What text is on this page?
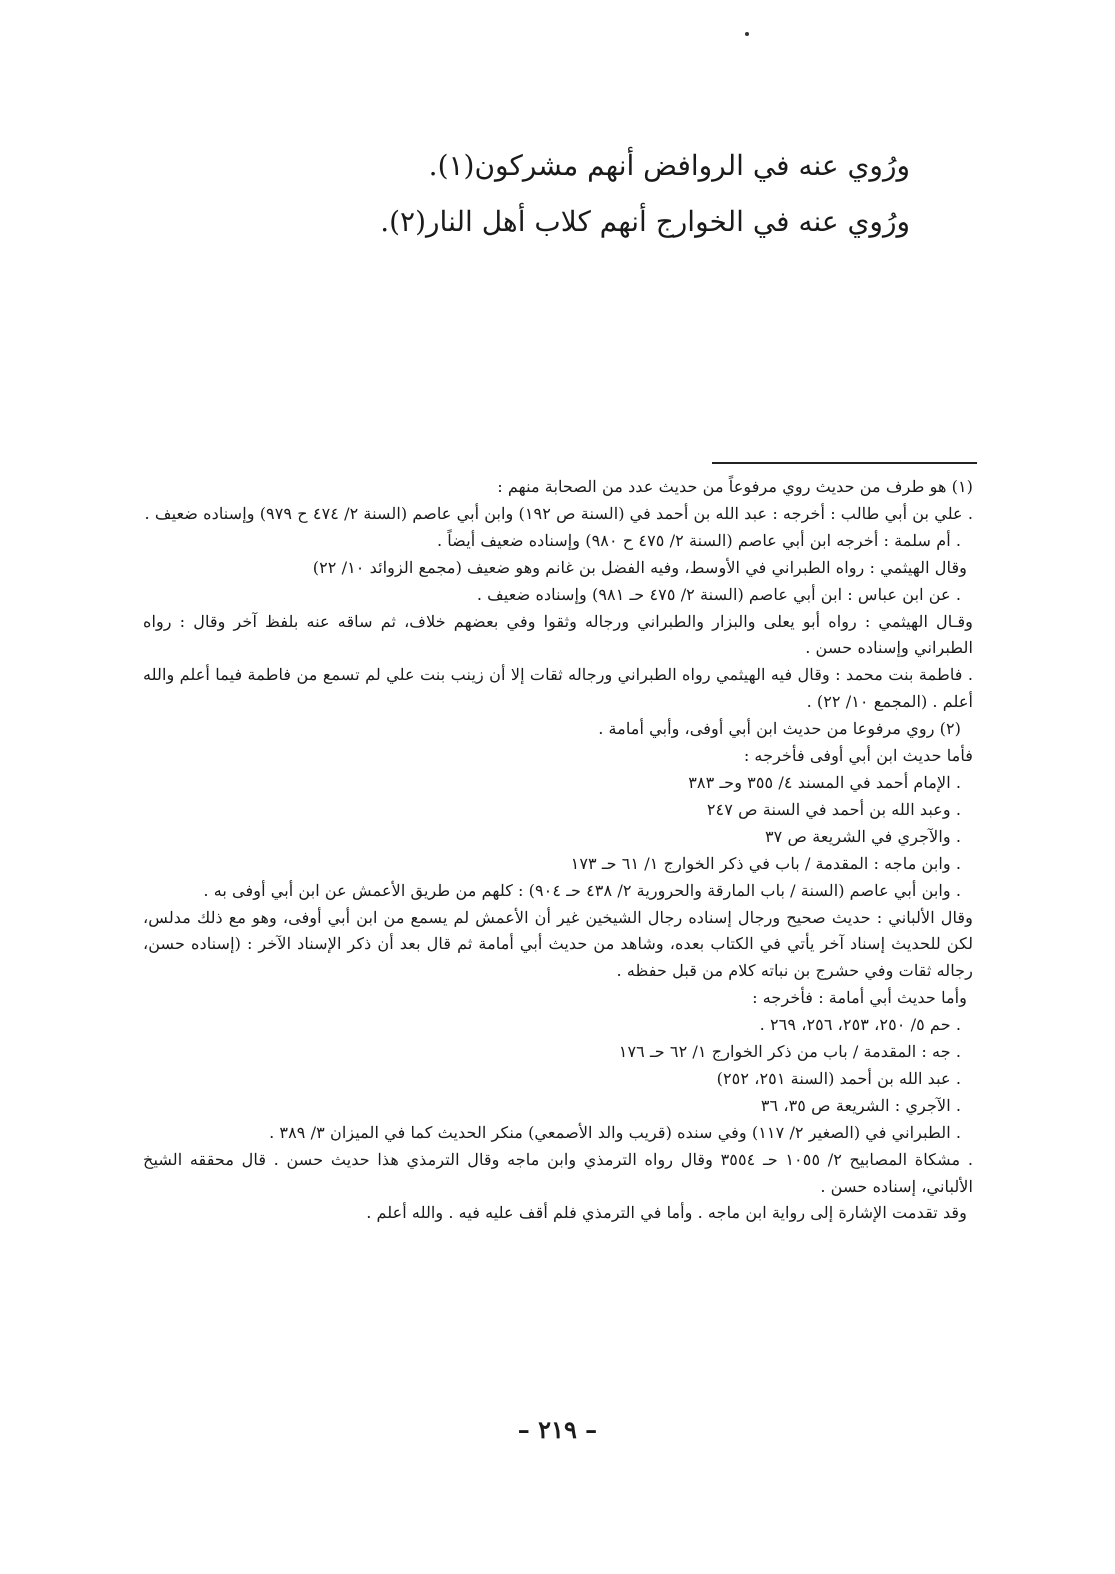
ورُوي عنه في الروافض أنهم مشركون(١).
ورُوي عنه في الخوارج أنهم كلاب أهل النار(٢).
(١) هو طرف من حديث روي مرفوعاً من حديث عدد من الصحابة منهم :
. علي بن أبي طالب : أخرجه : عبد الله بن أحمد في (السنة ص ١٩٢) وابن أبي عاصم (السنة ٢/ ٤٧٤ ح ٩٧٩) وإسناده ضعيف .
. أم سلمة : أخرجه ابن أبي عاصم (السنة ٢/ ٤٧٥ ح ٩٨٠) وإسناده ضعيف أيضاً .
وقال الهيثمي : رواه الطبراني في الأوسط، وفيه الفضل بن غانم وهو ضعيف (مجمع الزوائد ١٠/ ٢٢)
. عن ابن عباس : ابن أبي عاصم (السنة ٢/ ٤٧٥ حـ ٩٨١) وإسناده ضعيف .
وقـال الهيثمي : رواه أبو يعلى والبزار والطبراني ورجاله وثقوا وفي بعضهم خلاف، ثم ساقه عنه بلفظ آخر وقال : رواه الطبراني وإسناده حسن .
. فاطمة بنت محمد : وقال فيه الهيثمي رواه الطبراني ورجاله ثقات إلا أن زينب بنت علي لم تسمع من فاطمة فيما أعلم والله أعلم . (المجمع ١٠/ ٢٢) .
(٢) روي مرفوعا من حديث ابن أبي أوفى، وأبي أمامة .
فأما حديث ابن أبي أوفى فأخرجه :
. الإمام أحمد في المسند ٤/ ٣٥٥ وحـ ٣٨٣
. وعبد الله بن أحمد في السنة ص ٢٤٧
. والآجري في الشريعة ص ٣٧
. وابن ماجه : المقدمة / باب في ذكر الخوارج ١/ ٦١ حـ ١٧٣
. وابن أبي عاصم (السنة / باب المارقة والحرورية ٢/ ٤٣٨ حـ ٩٠٤) : كلهم من طريق الأعمش عن ابن أبي أوفى به .
وقال الألباني : حديث صحيح ورجال إسناده رجال الشيخين غير أن الأعمش لم يسمع من ابن أبي أوفى، وهو مع ذلك مدلس، لكن للحديث إسناد آخر يأتي في الكتاب بعده، وشاهد من حديث أبي أمامة ثم قال بعد أن ذكر الإسناد الآخر : (إسناده حسن، رجاله ثقات وفي حشرج بن نباته كلام من قبل حفظه .
وأما حديث أبي أمامة : فأخرجه :
. حم ٥/ ٢٥٠، ٢٥٣، ٢٥٦، ٢٦٩ .
. جه : المقدمة / باب من ذكر الخوارج ١/ ٦٢ حـ ١٧٦
. عبد الله بن أحمد (السنة ٢٥١، ٢٥٢)
. الآجري : الشريعة ص ٣٥، ٣٦
. الطبراني في (الصغير ٢/ ١١٧) وفي سنده (قريب والد الأصمعي) منكر الحديث كما في الميزان ٣/ ٣٨٩ .
. مشكاة المصابيح ٢/ ١٠٥٥ حـ ٣٥٥٤ وقال رواه الترمذي وابن ماجه وقال الترمذي هذا حديث حسن . قال محققه الشيخ الألباني، إسناده حسن .
وقد تقدمت الإشارة إلى رواية ابن ماجه . وأما في الترمذي فلم أقف عليه فيه . والله أعلم .
– ٢١٩ –
